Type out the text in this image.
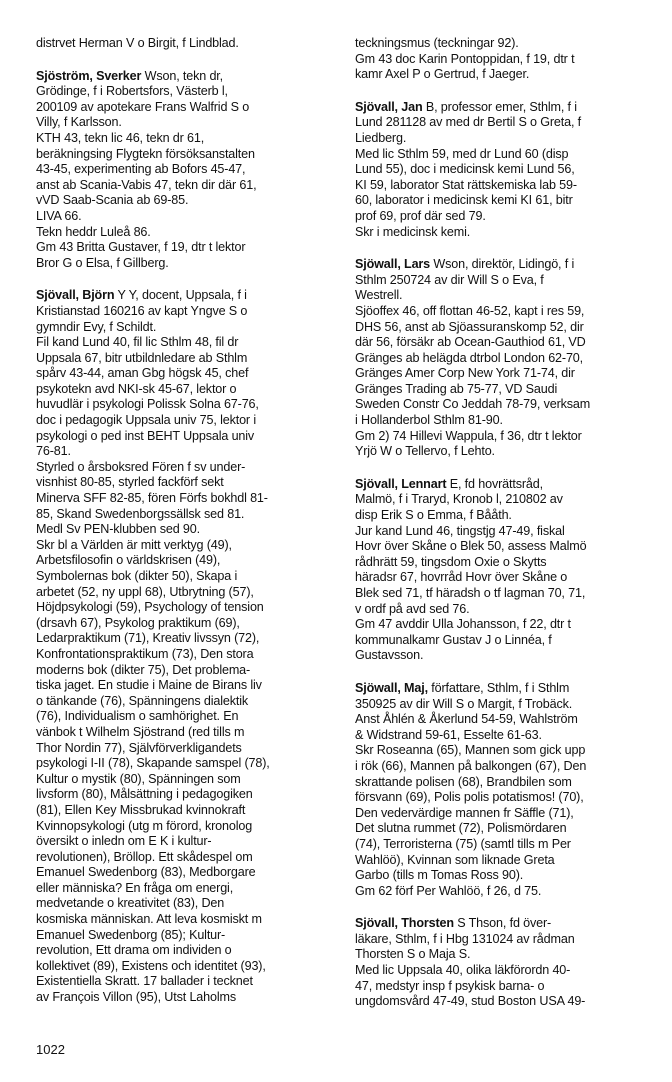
distrvet Herman V o Birgit, f Lindblad.
Sjöström, Sverker Wson, tekn dr,
Grödinge, f i Robertsfors, Västerb l,
200109 av apotekare Frans Walfrid S o
Villy, f Karlsson.
KTH 43, tekn lic 46, tekn dr 61,
beräkningsing Flygtekn försöksanstalten
43-45, experimenting ab Bofors 45-47,
anst ab Scania-Vabis 47, tekn dir där 61,
vVD Saab-Scania ab 69-85.
LIVA 66.
Tekn heddr Luleå 86.
Gm 43 Britta Gustaver, f 19, dtr t lektor
Bror G o Elsa, f Gillberg.
Sjövall, Björn Y Y, docent, Uppsala, f i
Kristianstad 160216 av kapt Yngve S o
gymndir Evy, f Schildt.
Fil kand Lund 40, fil lic Sthlm 48, fil dr
Uppsala 67, bitr utbildnledare ab Sthlm
spårv 43-44, aman Gbg högsk 45, chef
psykotekn avd NKI-sk 45-67, lektor o
huvudlär i psykologi Polissk Solna 67-76,
doc i pedagogik Uppsala univ 75, lektor i
psykologi o ped inst BEHT Uppsala univ
76-81.
Styrled o årsboksred Fören f sv under-
visnhist 80-85, styrled fackförf sekt
Minerva SFF 82-85, fören Förfs bokhdl 81-
85, Skand Swedenborgssällsk sed 81.
Medl Sv PEN-klubben sed 90.
Skr bl a Världen är mitt verktyg (49),
Arbetsfilosofin o världskrisen (49),
Symbolernas bok (dikter 50), Skapa i
arbetet (52, ny uppl 68), Utbrytning (57),
Höjdpsykologi (59), Psychology of tension
(drsavh 67), Psykolog praktikum (69),
Ledarpraktikum (71), Kreativ livssyn (72),
Konfrontationspraktikum (73), Den stora
moderns bok (dikter 75), Det problema-
tiska jaget. En studie i Maine de Birans liv
o tänkande (76), Spänningens dialektik
(76), Individualism o samhörighet. En
vänbok t Wilhelm Sjöstrand (red tills m
Thor Nordin 77), Självförverkligandets
psykologi I-II (78), Skapande samspel (78),
Kultur o mystik (80), Spänningen som
livsform (80), Målsättning i pedagogiken
(81), Ellen Key Missbrukad kvinnokraft
Kvinnopsykologi (utg m förord, kronolog
översikt o inledn om E K i kultur-
revolutionen), Bröllop. Ett skådespel om
Emanuel Swedenborg (83), Medborgare
eller människa? En fråga om energi,
medvetande o kreativitet (83), Den
kosmiska människan. Att leva kosmiskt m
Emanuel Swedenborg (85); Kultur-
revolution, Ett drama om individen o
kollektivet (89), Existens och identitet (93),
Existentiella Skratt. 17 ballader i tecknet
av François Villon (95), Utst Laholms
teckningsmus (teckningar 92).
Gm 43 doc Karin Pontoppidan, f 19, dtr t
kamr Axel P o Gertrud, f Jaeger.
Sjövall, Jan B, professor emer, Sthlm, f i
Lund 281128 av med dr Bertil S o Greta, f
Liedberg.
Med lic Sthlm 59, med dr Lund 60 (disp
Lund 55), doc i medicinsk kemi Lund 56,
KI 59, laborator Stat rättskemiska lab 59-
60, laborator i medicinsk kemi KI 61, bitr
prof 69, prof där sed 79.
Skr i medicinsk kemi.
Sjöwall, Lars Wson, direktör, Lidingö, f i
Sthlm 250724 av dir Will S o Eva, f
Westrell.
Sjöoffex 46, off flottan 46-52, kapt i res 59,
DHS 56, anst ab Sjöassuranskomp 52, dir
där 56, försäkr ab Ocean-Gauthiod 61, VD
Gränges ab helägda dtrbol London 62-70,
Gränges Amer Corp New York 71-74, dir
Gränges Trading ab 75-77, VD Saudi
Sweden Constr Co Jeddah 78-79, verksam
i Hollanderbol Sthlm 81-90.
Gm 2) 74 Hillevi Wappula, f 36, dtr t lektor
Yrjö W o Tellervo, f Lehto.
Sjövall, Lennart E, fd hovrättsråd,
Malmö, f i Traryd, Kronob l, 210802 av
disp Erik S o Emma, f Bååth.
Jur kand Lund 46, tingstjg 47-49, fiskal
Hovr över Skåne o Blek 50, assess Malmö
rådhrätt 59, tingsdom Oxie o Skytts
häradsr 67, hovrråd Hovr över Skåne o
Blek sed 71, tf häradsh o tf lagman 70, 71,
v ordf på avd sed 76.
Gm 47 avddir Ulla Johansson, f 22, dtr t
kommunalkamr Gustav J o Linnéa, f
Gustavsson.
Sjöwall, Maj, författare, Sthlm, f i Sthlm
350925 av dir Will S o Margit, f Trobäck.
Anst Åhlén & Åkerlund 54-59, Wahlström
& Widstrand 59-61, Esselte 61-63.
Skr Roseanna (65), Mannen som gick upp
i rök (66), Mannen på balkongen (67), Den
skrattande polisen (68), Brandbilen som
försvann (69), Polis polis potatismos! (70),
Den vedervärdige mannen fr Säffle (71),
Det slutna rummet (72), Polismördaren
(74), Terroristerna (75) (samtl tills m Per
Wahlöö), Kvinnan som liknade Greta
Garbo (tills m Tomas Ross 90).
Gm 62 förf Per Wahlöö, f 26, d 75.
Sjövall, Thorsten S Thson, fd över-
läkare, Sthlm, f i Hbg 131024 av rådman
Thorsten S o Maja S.
Med lic Uppsala 40, olika läkförordn 40-
47, medstyr insp f psykisk barna- o
ungdomsvård 47-49, stud Boston USA 49-
1022
